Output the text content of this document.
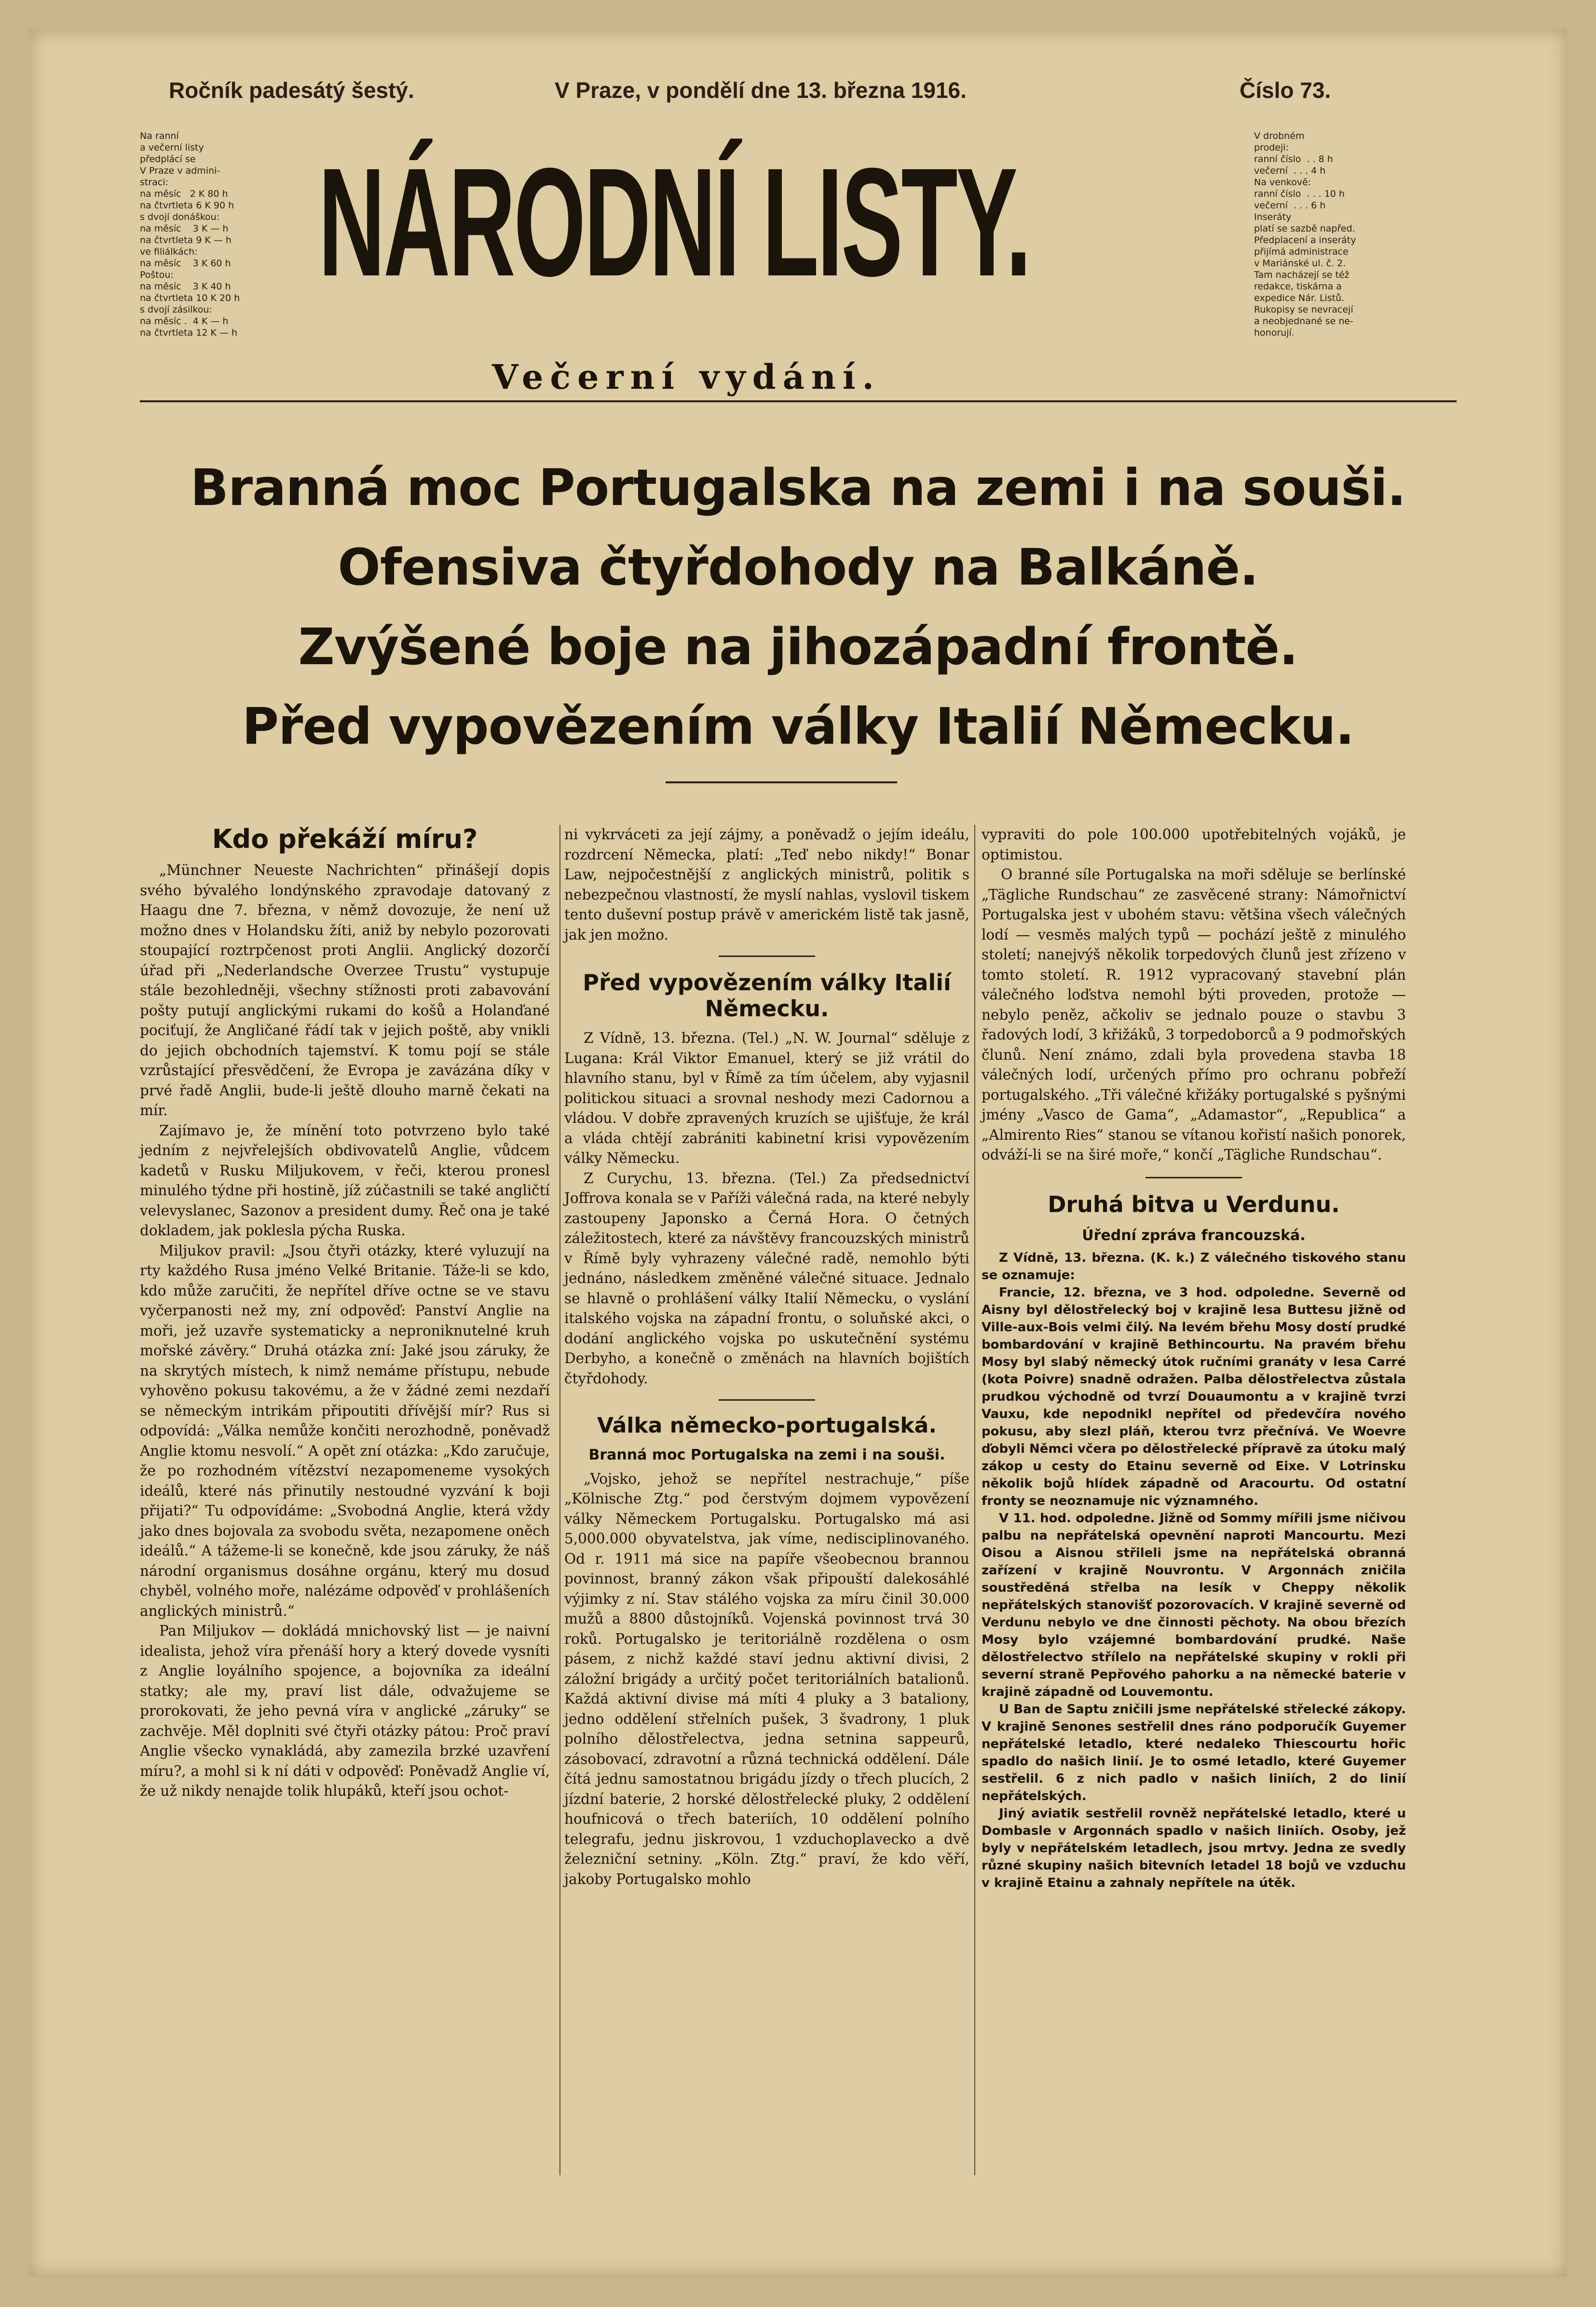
Ročník padesátý šestý.	V Praze, v pondělí dne 13. března 1916.	Číslo 73.
Na ranní
a večerní listy
předplácí se
V Praze v admini-
straci:
na měsíc   2 K 80 h
na čtvrtleta 6 K 90 h
s dvojí donáškou:
na měsíc    3 K — h
na čtvrtleta 9 K — h
ve filiálkách:
na měsíc    3 K 60 h
Poštou:
na měsíc    3 K 40 h
na čtvrtleta 10 K 20 h
s dvojí zásilkou:
na měsíc .  4 K — h
na čtvrtleta 12 K — h
NÁRODNÍ LISTY.
Večerní vydání.
V drobném
prodeji:
ranní číslo  . . 8 h
večerní  . . . 4 h
Na venkově:
ranní číslo  . . . 10 h
večerní  . . . 6 h
Inseráty
platí se sazbě napřed.
Předplacení a inseráty
přijímá administrace
v Mariánské ul. č. 2.
Tam nacházejí se též
redakce, tiskárna a
expedice Nár. Listů.
Rukopisy se nevracejí
a neobjednané se ne-
honorují.
Branná moc Portugalska na zemi i na souši.
Ofensiva čtyřdohody na Balkáně.
Zvýšené boje na jihozápadní frontě.
Před vypovězením války Italií Německu.
Kdo překáží míru?

„Münchner Neueste Nachrichten“ přinášejí dopis svého bývalého londýnského zpravodaje datovaný z Haagu dne 7. března, v němž dovozuje, že není už možno dnes v Holandsku žíti, aniž by nebylo pozorovati stoupající roztrpčenost proti Anglii. Anglický dozorčí úřad při „Nederlandsche Overzee Trustu“ vystupuje stále bezohledněji, všechny stížnosti proti zabavování pošty putují anglickými rukami do košů a Holanďané pociťují, že Angličané řádí tak v jejich poště, aby vnikli do jejich obchodních tajemství. K tomu pojí se stále vzrůstající přesvědčení, že Evropa je zavázána díky v prvé řadě Anglii, bude-li ještě dlouho marně čekati na mír.

Zajímavo je, že mínění toto potvrzeno bylo také jedním z nejvřelejších obdivovatelů Anglie, vůdcem kadetů v Rusku Miljukovem, v řeči, kterou pronesl minulého týdne při hostině, jíž zúčastnili se také angličtí velevyslanec, Sazonov a president dumy. Řeč ona je také dokladem, jak poklesla pýcha Ruska.

Miljukov pravil: „Jsou čtyři otázky, které vyluzují na rty každého Rusa jméno Velké Britanie. Táže-li se kdo, kdo může zaručiti, že nepřítel dříve octne se ve stavu vyčerpanosti než my, zní odpověď: Panství Anglie na moři, jež uzavře systematicky a neproniknutelné kruh mořské závěry.“ Druhá otázka zní: Jaké jsou záruky, že na skrytých místech, k nimž nemáme přístupu, nebude vyhověno pokusu takovému, a že v žádné zemi nezdaří se německým intrikám připoutiti dřívější mír? Rus si odpovídá: „Válka nemůže končiti nerozhodně, poněvadž Anglie ktomu nesvolí.“ A opět zní otázka: „Kdo zaručuje, že po rozhodném vítězství nezapomeneme vysokých ideálů, které nás přinutily nestoudné vyzvání k boji přijati?“ Tu odpovídáme: „Svobodná Anglie, která vždy jako dnes bojovala za svobodu světa, nezapomene oněch ideálů.“ A tážeme-li se konečně, kde jsou záruky, že náš národní organismus dosáhne orgánu, který mu dosud chyběl, volného moře, nalézáme odpověď v prohlášeních anglických ministrů.“

Pan Miljukov — dokládá mnichovský list — je naivní idealista, jehož víra přenáší hory a který dovede vysníti z Anglie loyálního spojence, a bojovníka za ideální statky; ale my, praví list dále, odvažujeme se prorokovati, že jeho pevná víra v anglické „záruky“ se zachvěje. Měl doplniti své čtyři otázky pátou: Proč praví Anglie všecko vynakládá, aby zamezila brzké uzavření míru?, a mohl si k ní dáti v odpověď: Poněvadž Anglie ví, že už nikdy nenajde tolik hlupáků, kteří jsou ochot-

ni vykrváceti za její zájmy, a poněvadž o jejím ideálu, rozdrcení Německa, platí: „Teď nebo nikdy!“ Bonar Law, nejpočestnější z anglických ministrů, politik s nebezpečnou vlastností, že myslí nahlas, vyslovil tiskem tento duševní postup právě v americkém listě tak jasně, jak jen možno.

Před vypovězením války Italií Německu.

Z Vídně, 13. března. (Tel.) „N. W. Journal“ sděluje z Lugana: Král Viktor Emanuel, který se již vrátil do hlavního stanu, byl v Římě za tím účelem, aby vyjasnil politickou situaci a srovnal neshody mezi Cadornou a vládou. V dobře zpravených kruzích se ujišťuje, že král a vláda chtějí zabrániti kabinetní krisi vypovězením války Německu.

Z Curychu, 13. března. (Tel.) Za předsednictví Joffrova konala se v Paříži válečná rada, na které nebyly zastoupeny Japonsko a Černá Hora. O četných záležitostech, které za návštěvy francouzských ministrů v Římě byly vyhrazeny válečné radě, nemohlo býti jednáno, následkem změněné válečné situace. Jednalo se hlavně o prohlášení války Italií Německu, o vyslání italského vojska na západní frontu, o soluňské akci, o dodání anglického vojska po uskutečnění systému Derbyho, a konečně o změnách na hlavních bojištích čtyřdohody.

Válka německo-portugalská.
Branná moc Portugalska na zemi i na souši.

„Vojsko, jehož se nepřítel nestrachuje,“ píše „Kölnische Ztg.“ pod čerstvým dojmem vypovězení války Německem Portugalsku. Portugalsko má asi 5,000.000 obyvatelstva, jak víme, nedisciplinovaného. Od r. 1911 má sice na papíře všeobecnou brannou povinnost, branný zákon však připouští dalekosáhlé výjimky z ní. Stav stálého vojska za míru činil 30.000 mužů a 8800 důstojníků. Vojenská povinnost trvá 30 roků. Portugalsko je teritoriálně rozdělena o osm pásem, z nichž každé staví jednu aktivní divisi, 2 záložní brigády a určitý počet teritoriálních batalionů. Každá aktivní divise má míti 4 pluky a 3 bataliony, jedno oddělení střelních pušek, 3 švadrony, 1 pluk polního dělostřelectva, jedna setnina sappeurů, zásobovací, zdravotní a různá technická oddělení. Dále čítá jednu samostatnou brigádu jízdy o třech plucích, 2 jízdní baterie, 2 horské dělostřelecké pluky, 2 oddělení houfnicová o třech bateriích, 10 oddělení polního telegrafu, jednu jiskrovou, 1 vzduchoplavecko a dvě železniční setniny. „Köln. Ztg.“ praví, že kdo věří, jakoby Portugalsko mohlo

vypraviti do pole 100.000 upotřebitelných vojáků, je optimistou.

O branné síle Portugalska na moři sděluje se berlínské „Tägliche Rundschau“ ze zasvěcené strany: Námořnictví Portugalska jest v ubohém stavu: většina všech válečných lodí — vesměs malých typů — pochází ještě z minulého století; nanejvýš několik torpedových člunů jest zřízeno v tomto století. R. 1912 vypracovaný stavební plán válečného loďstva nemohl býti proveden, protože — nebylo peněz, ačkoliv se jednalo pouze o stavbu 3 řadových lodí, 3 křižáků, 3 torpedoborců a 9 podmořských člunů. Není známo, zdali byla provedena stavba 18 válečných lodí, určených přímo pro ochranu pobřeží portugalského. „Tři válečné křižáky portugalské s pyšnými jmény „Vasco de Gama“, „Adamastor“, „Republica“ a „Almirento Ries“ stanou se vítanou kořistí našich ponorek, odváží-li se na širé moře,“ končí „Tägliche Rundschau“.

Druhá bitva u Verdunu.
Úřední zpráva francouzská.

Z Vídně, 13. března. (K. k.) Z válečného tiskového stanu se oznamuje:

Francie, 12. března, ve 3 hod. odpoledne. Severně od Aisny byl dělostřelecký boj v krajině lesa Buttesu jižně od Ville-aux-Bois velmi čilý. Na levém břehu Mosy dostí prudké bombardování v krajině Bethincourtu. Na pravém břehu Mosy byl slabý německý útok ručními granáty v lesa Carré (kota Poivre) snadně odražen. Palba dělostřelectva zůstala prudkou východně od tvrzí Douaumontu a v krajině tvrzi Vauxu, kde nepodnikl nepřítel od předevčíra nového pokusu, aby slezl pláň, kterou tvrz přečnívá. Ve Woevre ďobyli Němci včera po dělostřelecké přípravě za útoku malý zákop u cesty do Etainu severně od Eixe. V Lotrinsku několik bojů hlídek západně od Aracourtu. Od ostatní fronty se neoznamuje nic významného.

V 11. hod. odpoledne. Jižně od Sommy mířili jsme ničivou palbu na nepřátelská opevnění naproti Mancourtu. Mezi Oisou a Aisnou střileli jsme na nepřátelská obranná zařízení v krajině Nouvrontu. V Argonnách zničila soustředěná střelba na lesík v Cheppy několik nepřátelských stanovišť pozorovacích. V krajině severně od Verdunu nebylo ve dne činnosti pěchoty. Na obou březích Mosy bylo vzájemné bombardování prudké. Naše dělostřelectvo střílelo na nepřátelské skupiny v rokli při severní straně Pepřového pahorku a na německé baterie v krajině západně od Louvemontu.

U Ban de Saptu zničili jsme nepřátelské střelecké zákopy. V krajině Senones sestřelil dnes ráno podporučík Guyemer nepřátelské letadlo, které nedaleko Thiescourtu hořic spadlo do našich linií. Je to osmé letadlo, které Guyemer sestřelil. 6 z nich padlo v našich liniích, 2 do linií nepřátelských.

Jiný aviatik sestřelil rovněž nepřátelské letadlo, které u Dombasle v Argonnách spadlo v našich liniích. Osoby, jež byly v nepřátelském letadlech, jsou mrtvy. Jedna ze svedly různé skupiny našich bitevních letadel 18 bojů ve vzduchu v krajině Etainu a zahnaly nepřítele na útěk.
